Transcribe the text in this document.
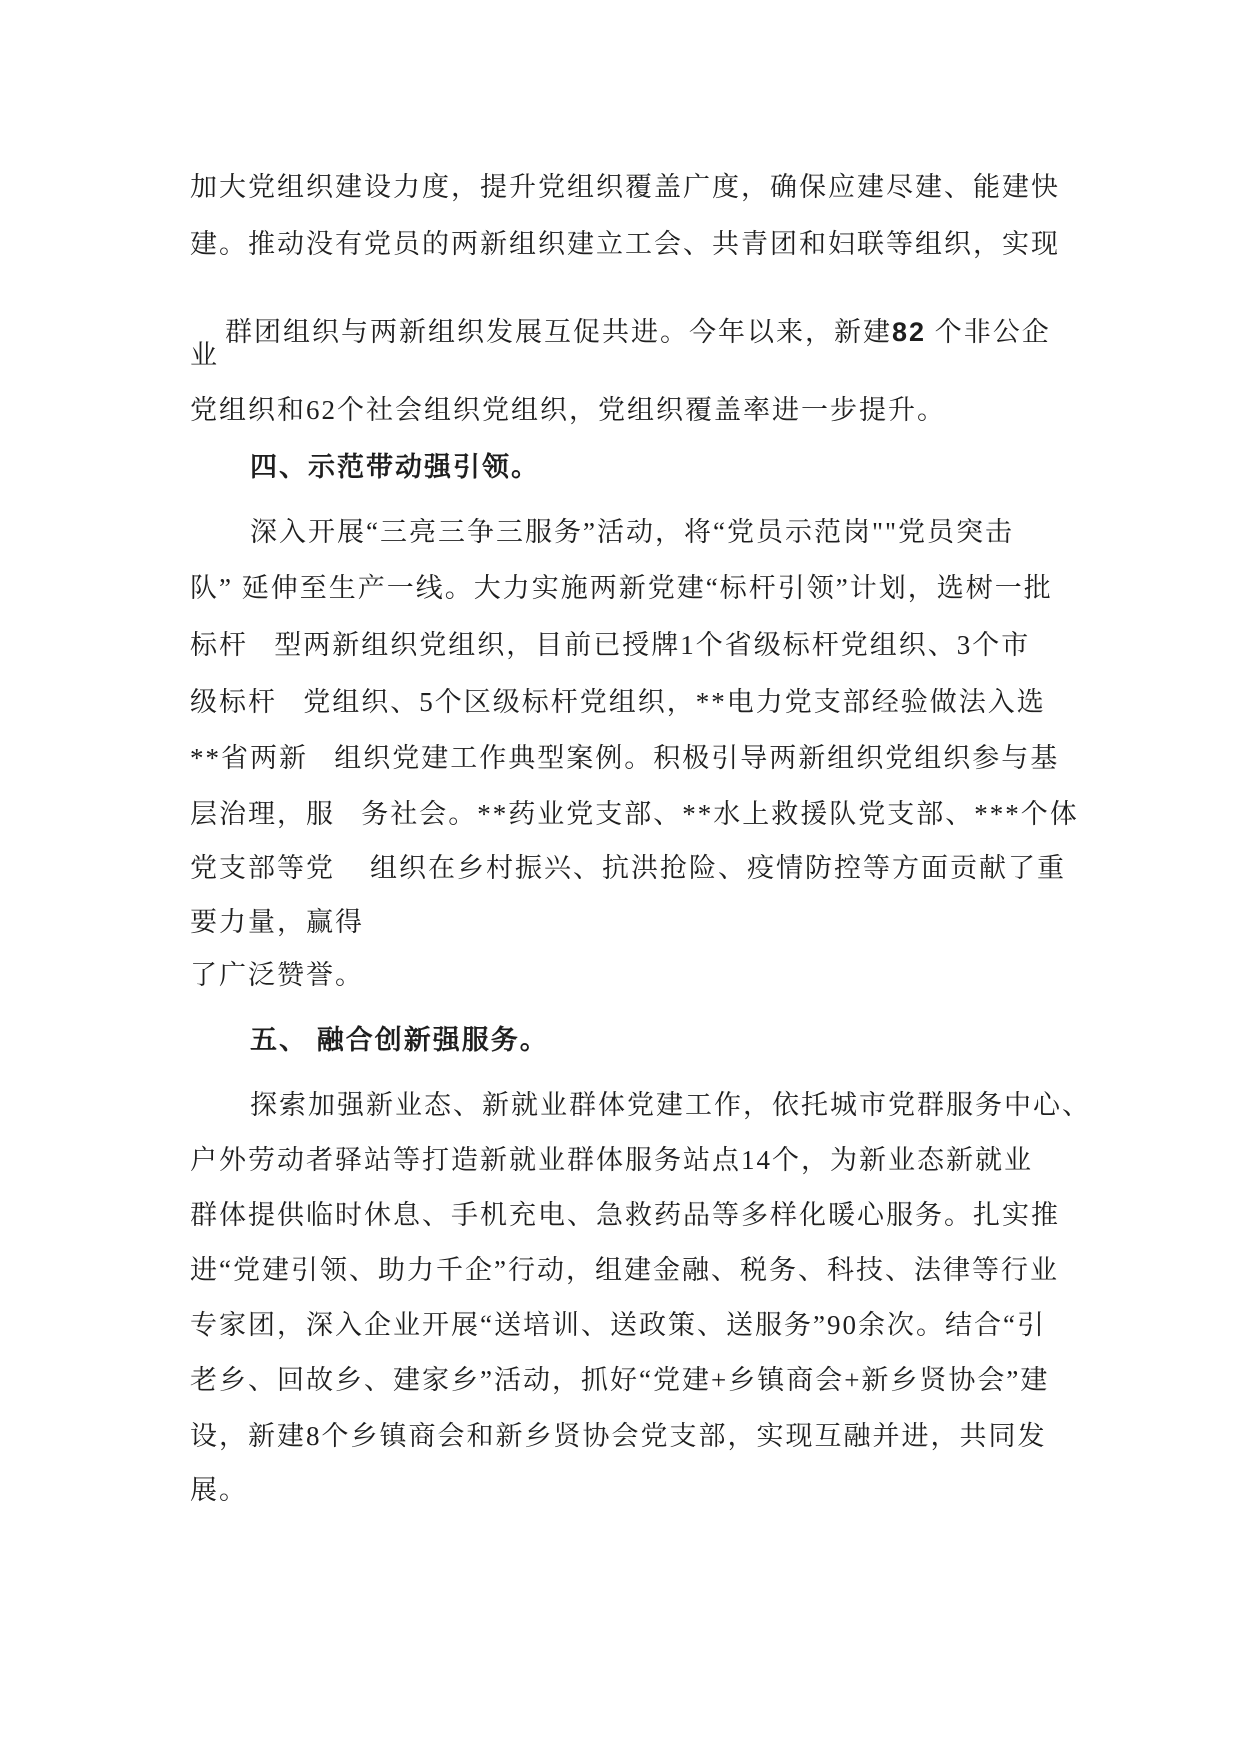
加大党组织建设力度，提升党组织覆盖广度，确保应建尽建、能建快
建。推动没有党员的两新组织建立工会、共青团和妇联等组织，实现

群团组织与两新组织发展互促共进。今年以来，新建82 个非公企

业
党组织和62个社会组织党组织，党组织覆盖率进一步提升。
四、示范带动强引领。
深入开展“三亮三争三服务”活动，将“党员示范岗""党员突击
队” 延伸至生产一线。大力实施两新党建“标杆引领”计划，选树一批
标杆   型两新组织党组织，目前已授牌1个省级标杆党组织、3个市
级标杆   党组织、5个区级标杆党组织，**电力党支部经验做法入选
**省两新   组织党建工作典型案例。积极引导两新组织党组织参与基
层治理，服   务社会。**药业党支部、**水上救援队党支部、***个体
党支部等党    组织在乡村振兴、抗洪抢险、疫情防控等方面贡献了重
要力量，赢得
了广泛赞誉。
五、 融合创新强服务。
探索加强新业态、新就业群体党建工作，依托城市党群服务中心、
户外劳动者驿站等打造新就业群体服务站点14个，为新业态新就业
群体提供临时休息、手机充电、急救药品等多样化暖心服务。扎实推
进“党建引领、助力千企”行动，组建金融、税务、科技、法律等行业
专家团，深入企业开展“送培训、送政策、送服务”90余次。结合“引
老乡、回故乡、建家乡”活动，抓好“党建+乡镇商会+新乡贤协会”建
设，新建8个乡镇商会和新乡贤协会党支部，实现互融并进，共同发
展。
